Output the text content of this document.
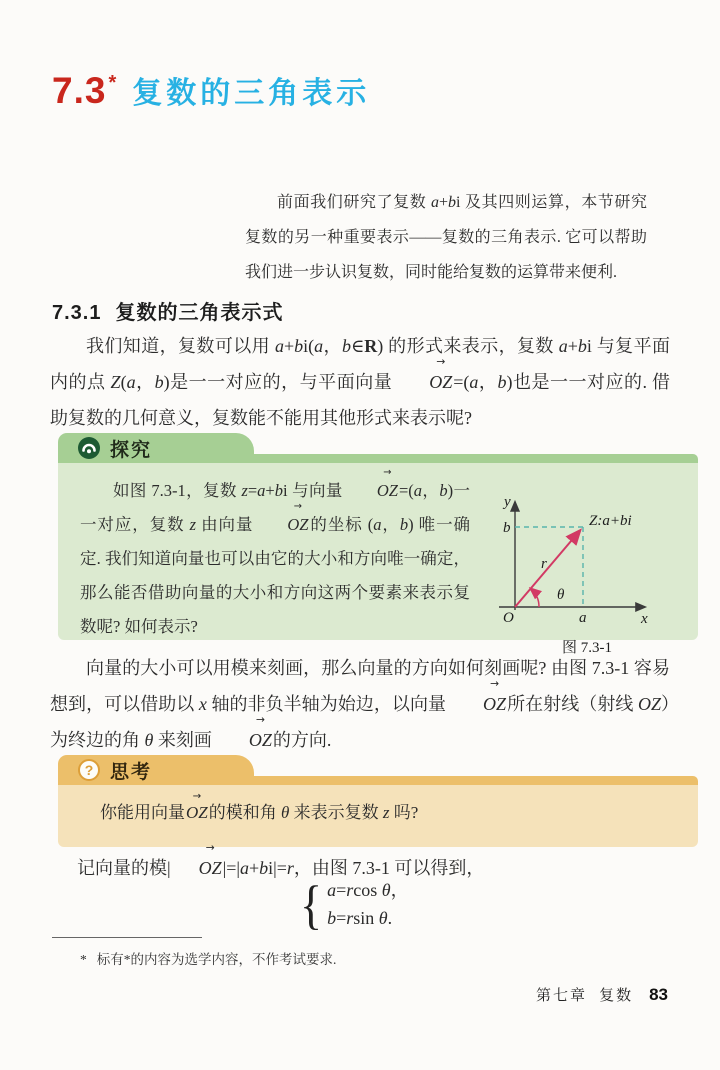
7.3 * 复数的三角表示
前面我们研究了复数 a+bi 及其四则运算，本节研究复数的另一种重要表示——复数的三角表示. 它可以帮助我们进一步认识复数，同时能给复数的运算带来便利.
7.3.1 复数的三角表示式
我们知道，复数可以用 a+bi(a，b∈R) 的形式来表示，复数 a+bi 与复平面内的点 Z(a，b)是一一对应的，与平面向量
→
OZ=(a，b)也是一一对应的. 借助复数的几何意义，复数能不能用其他形式来表示呢?
探究
如图 7.3-1，复数 z=a+bi 与向量
→
OZ=(a，b)一一对应，复数 z 由向量
→
OZ的坐标 (a，b) 唯一确定. 我们知道向量也可以由它的大小和方向唯一确定，那么能否借助向量的大小和方向这两个要素来表示复数呢? 如何表示?
y
b	Z:a+bi
r
θ
O	a	x
图 7.3-1
向量的大小可以用模来刻画，那么向量的方向如何刻画呢? 由图 7.3-1 容易想到，可以借助以 x 轴的非负半轴为始边，以向量
→
OZ所在射线（射线 OZ）为终边的角 θ 来刻画
→
OZ的方向.
? 思考
你能用向量
→
OZ的模和角 θ 来表示复数 z 吗?
记向量的模|
→
OZ|=|a+bi|=r，由图 7.3-1 可以得到，
{ a=rcos θ，
b=rsin θ.
* 标有*的内容为选学内容，不作考试要求.
第七章 复数 83
